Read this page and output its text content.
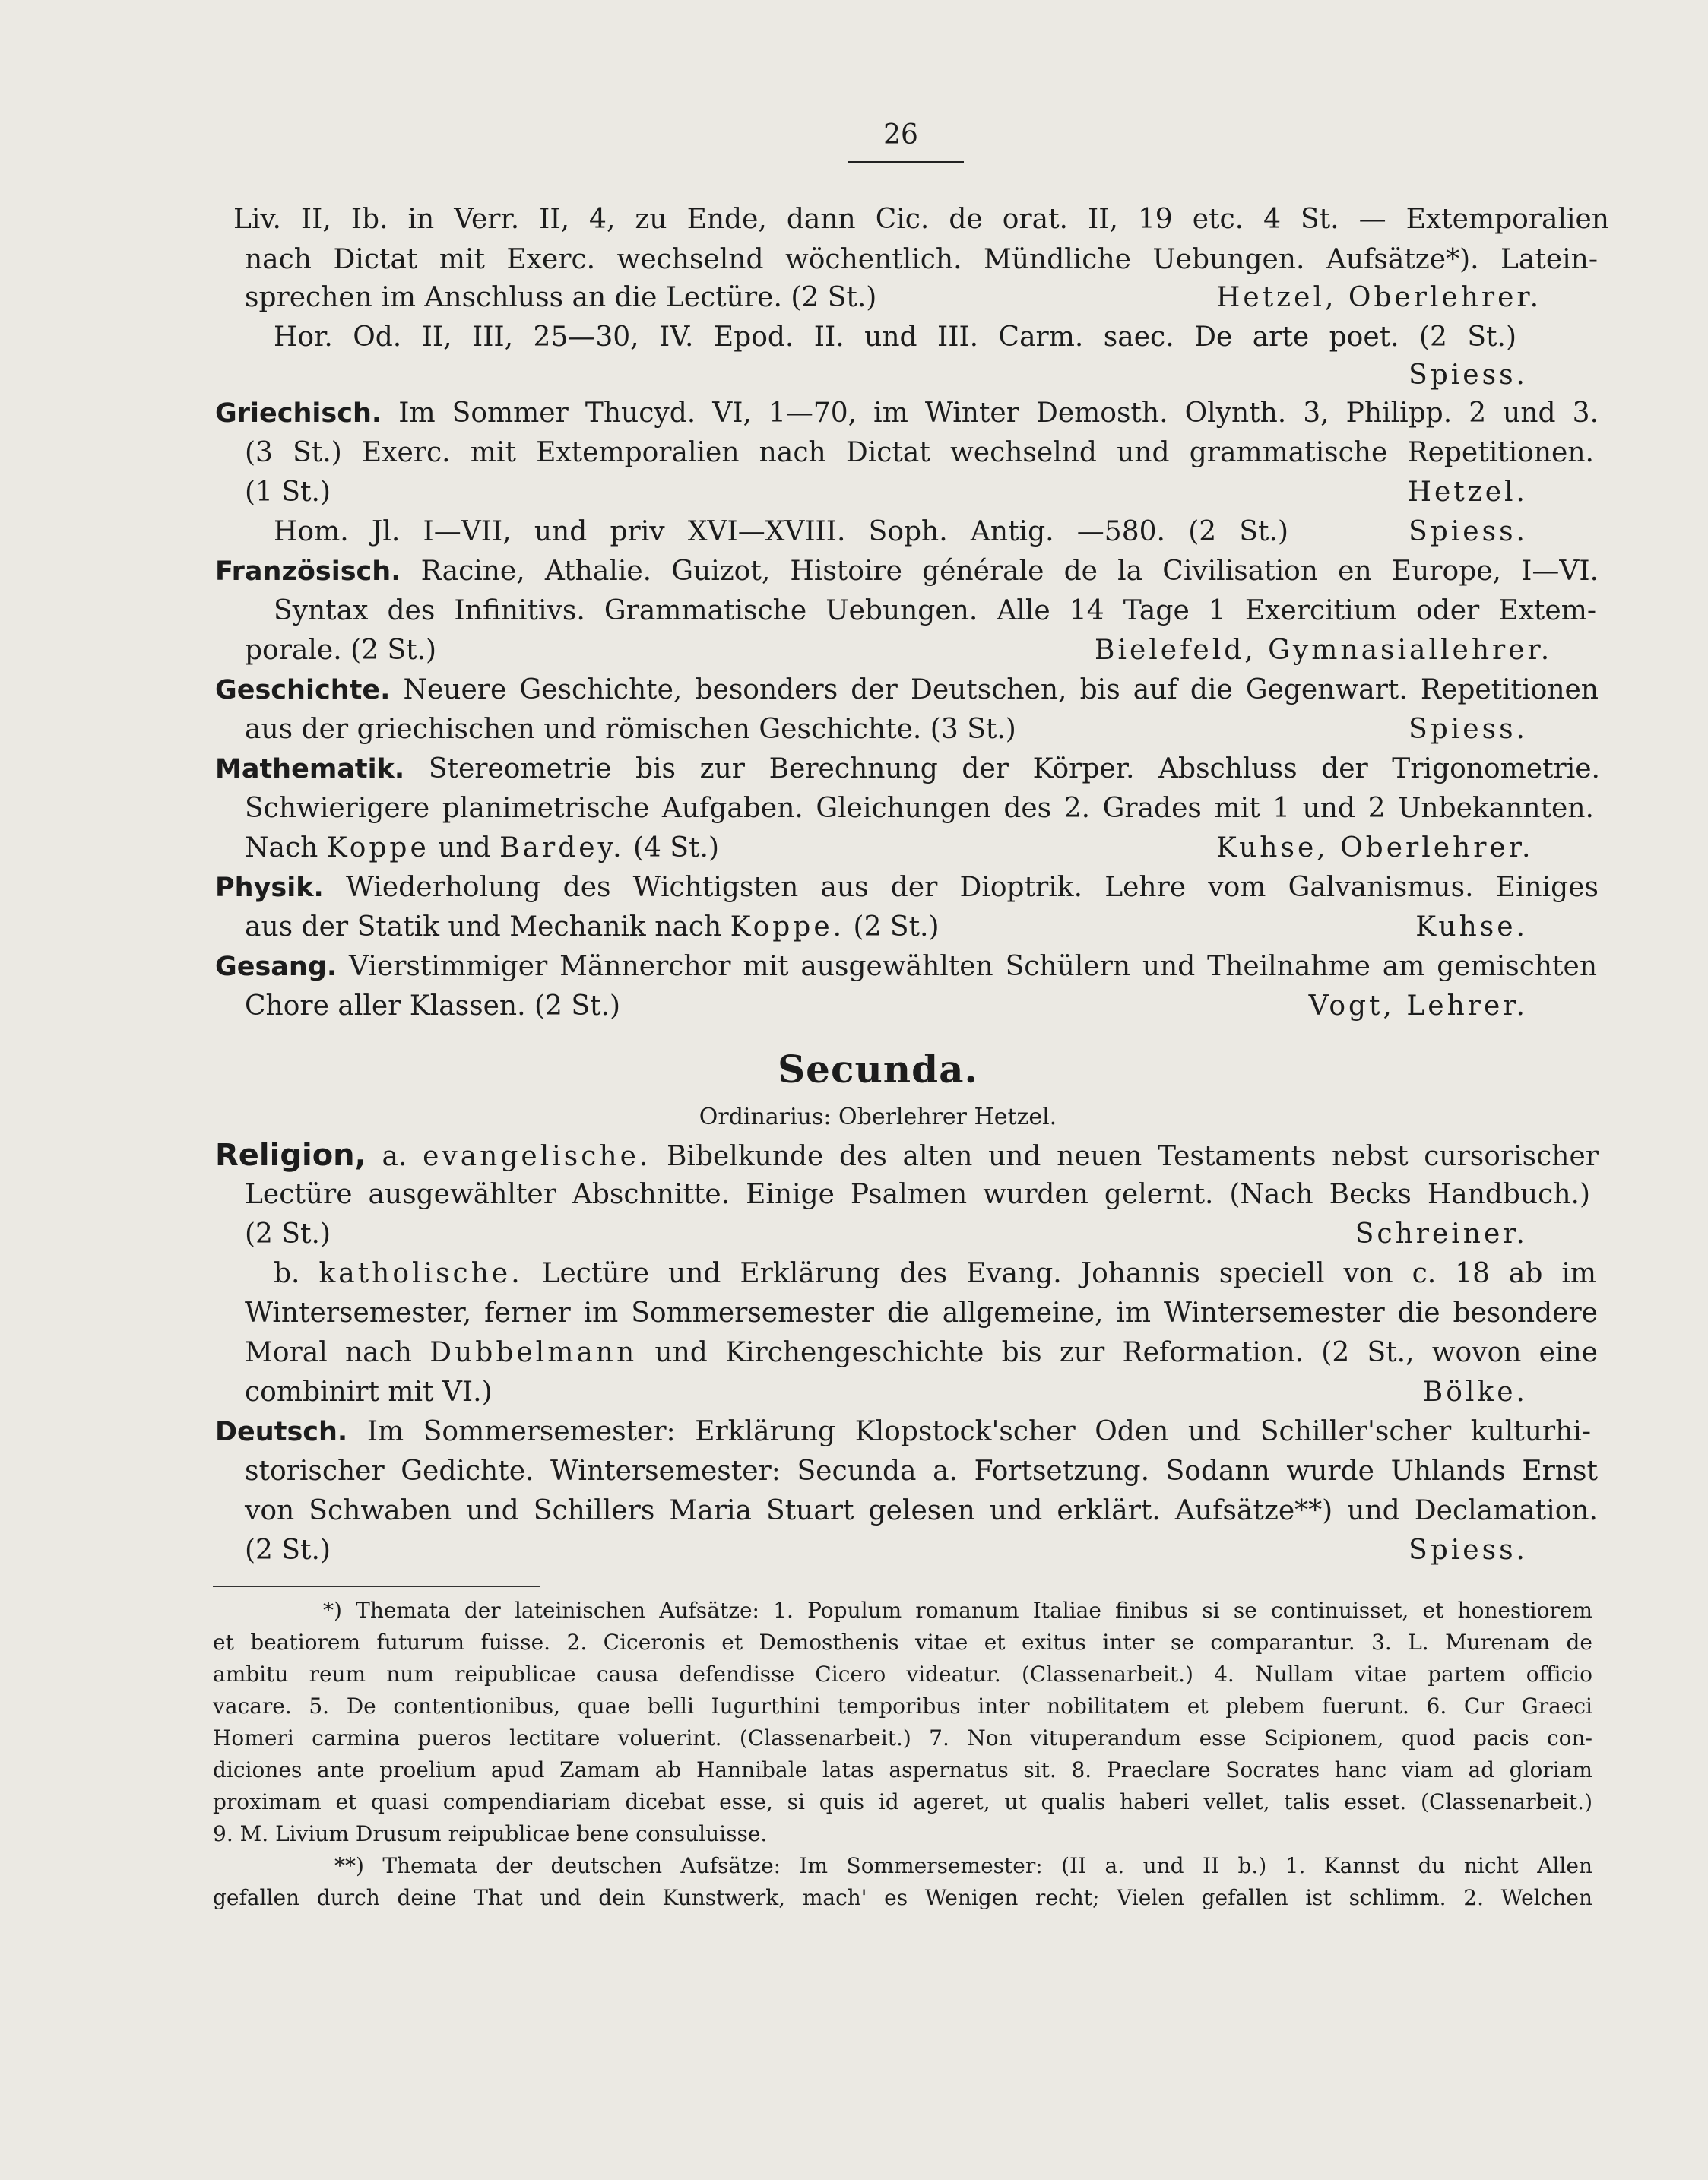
26
Liv. II, Ib. in Verr. II, 4, zu Ende, dann Cic. de orat. II, 19 etc. 4 St. — Extemporalien
nach Dictat mit Exerc. wechselnd wöchentlich. Mündliche Uebungen. Aufsätze*). Latein-
sprechen im Anschluss an die Lectüre. (2 St.)	Hetzel, Oberlehrer.
Hor. Od. II, III, 25—30, IV. Epod. II. und III. Carm. saec. De arte poet. (2 St.)
Spiess.
Griechisch. Im Sommer Thucyd. VI, 1—70, im Winter Demosth. Olynth. 3, Philipp. 2 und 3.
(3 St.) Exerc. mit Extemporalien nach Dictat wechselnd und grammatische Repetitionen.
(1 St.)	Hetzel.
Hom. Jl. I—VII, und priv XVI—XVIII. Soph. Antig. —580. (2 St.)	Spiess.
Französisch. Racine, Athalie. Guizot, Histoire générale de la Civilisation en Europe, I—VI.
Syntax des Infinitivs. Grammatische Uebungen. Alle 14 Tage 1 Exercitium oder Extem-
porale. (2 St.)	Bielefeld, Gymnasiallehrer.
Geschichte. Neuere Geschichte, besonders der Deutschen, bis auf die Gegenwart. Repetitionen
aus der griechischen und römischen Geschichte. (3 St.)	Spiess.
Mathematik. Stereometrie bis zur Berechnung der Körper. Abschluss der Trigonometrie.
Schwierigere planimetrische Aufgaben. Gleichungen des 2. Grades mit 1 und 2 Unbekannten.
Nach Koppe und Bardey. (4 St.)	Kuhse, Oberlehrer.
Physik. Wiederholung des Wichtigsten aus der Dioptrik. Lehre vom Galvanismus. Einiges
aus der Statik und Mechanik nach Koppe. (2 St.)	Kuhse.
Gesang. Vierstimmiger Männerchor mit ausgewählten Schülern und Theilnahme am gemischten
Chore aller Klassen. (2 St.)	Vogt, Lehrer.
Religion, a. evangelische. Bibelkunde des alten und neuen Testaments nebst cursorischer
Lectüre ausgewählter Abschnitte. Einige Psalmen wurden gelernt. (Nach Becks Handbuch.)
(2 St.)	Schreiner.
b. katholische. Lectüre und Erklärung des Evang. Johannis speciell von c. 18 ab im
Wintersemester, ferner im Sommersemester die allgemeine, im Wintersemester die besondere
Moral nach Dubbelmann und Kirchengeschichte bis zur Reformation. (2 St., wovon eine
combinirt mit VI.)	Bölke.
Deutsch. Im Sommersemester: Erklärung Klopstock'scher Oden und Schiller'scher kulturhi-
storischer Gedichte. Wintersemester: Secunda a. Fortsetzung. Sodann wurde Uhlands Ernst
von Schwaben und Schillers Maria Stuart gelesen und erklärt. Aufsätze**) und Declamation.
(2 St.)	Spiess.
Secunda.
Ordinarius: Oberlehrer Hetzel.
*) Themata der lateinischen Aufsätze: 1. Populum romanum Italiae finibus si se continuisset, et honestiorem
et beatiorem futurum fuisse. 2. Ciceronis et Demosthenis vitae et exitus inter se comparantur. 3. L. Murenam de
ambitu reum num reipublicae causa defendisse Cicero videatur. (Classenarbeit.) 4. Nullam vitae partem officio
vacare. 5. De contentionibus, quae belli Iugurthini temporibus inter nobilitatem et plebem fuerunt. 6. Cur Graeci
Homeri carmina pueros lectitare voluerint. (Classenarbeit.) 7. Non vituperandum esse Scipionem, quod pacis con-
diciones ante proelium apud Zamam ab Hannibale latas aspernatus sit. 8. Praeclare Socrates hanc viam ad gloriam
proximam et quasi compendiariam dicebat esse, si quis id ageret, ut qualis haberi vellet, talis esset. (Classenarbeit.)
9. M. Livium Drusum reipublicae bene consuluisse.
**) Themata der deutschen Aufsätze: Im Sommersemester: (II a. und II b.) 1. Kannst du nicht Allen
gefallen durch deine That und dein Kunstwerk, mach' es Wenigen recht; Vielen gefallen ist schlimm. 2. Welchen
